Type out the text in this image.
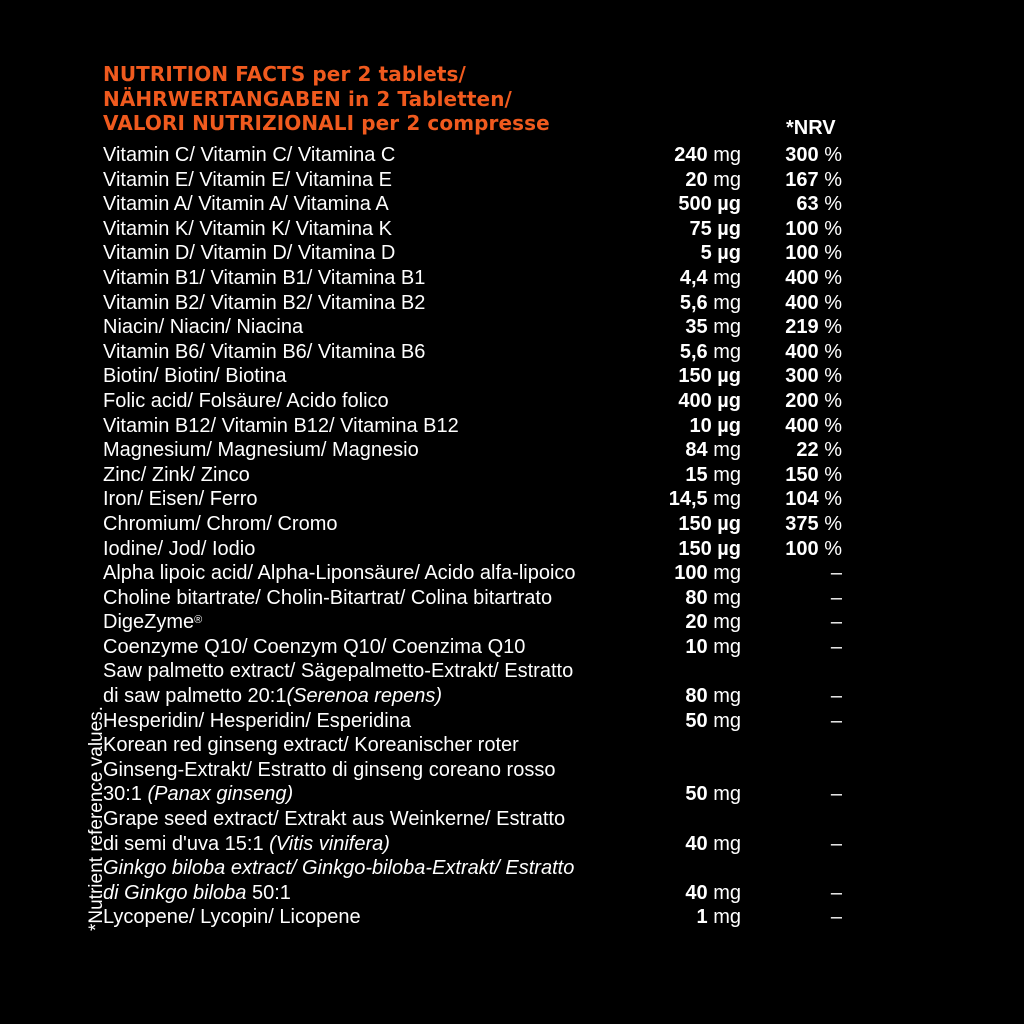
NUTRITION FACTS per 2 tablets/
NÄHRWERTANGABEN in 2 Tabletten/
VALORI NUTRIZIONALI per 2 compresse	*NRV
*Nutrient reference values.
Vitamin C/ Vitamin C/ Vitamina C	240 mg 300 %
Vitamin E/ Vitamin E/ Vitamina E	20 mg 167 %
Vitamin A/ Vitamin A/ Vitamina A	500 µg	63 %
Vitamin K/ Vitamin K/ Vitamina K	75 µg 100 %
Vitamin D/ Vitamin D/ Vitamina D	5 µg 100 %
Vitamin B1/ Vitamin B1/ Vitamina B1	4,4 mg 400 %
Vitamin B2/ Vitamin B2/ Vitamina B2	5,6 mg 400 %
Niacin/ Niacin/ Niacina	35 mg 219 %
Vitamin B6/ Vitamin B6/ Vitamina B6	5,6 mg 400 %
Biotin/ Biotin/ Biotina	150 µg 300 %
Folic acid/ Folsäure/ Acido folico	400 µg 200 %
Vitamin B12/ Vitamin B12/ Vitamina B12	10 µg 400 %
Magnesium/ Magnesium/ Magnesio	84 mg	22 %
Zinc/ Zink/ Zinco	15 mg 150 %
Iron/ Eisen/ Ferro	14,5 mg 104 %
Chromium/ Chrom/ Cromo	150 µg 375 %
Iodine/ Jod/ Iodio	150 µg 100 %
Alpha lipoic acid/ Alpha-Liponsäure/ Acido alfa-lipoico	100 mg	–
Choline bitartrate/ Cholin-Bitartrat/ Colina bitartrato	80 mg	–
DigeZyme®	20 mg	–
Coenzyme Q10/ Coenzym Q10/ Coenzima Q10	10 mg	–
Saw palmetto extract/ Sägepalmetto-Extrakt/ Estratto
di saw palmetto 20:1(Serenoa repens)	80 mg	–
Hesperidin/ Hesperidin/ Esperidina	50 mg	–
Korean red ginseng extract/ Koreanischer roter
Ginseng-Extrakt/ Estratto di ginseng coreano rosso
30:1 (Panax ginseng)	50 mg	–
Grape seed extract/ Extrakt aus Weinkerne/ Estratto
di semi d'uva 15:1 (Vitis vinifera)	40 mg	–
Ginkgo biloba extract/ Ginkgo-biloba-Extrakt/ Estratto
di Ginkgo biloba 50:1	40 mg	–
Lycopene/ Lycopin/ Licopene	1 mg	–
